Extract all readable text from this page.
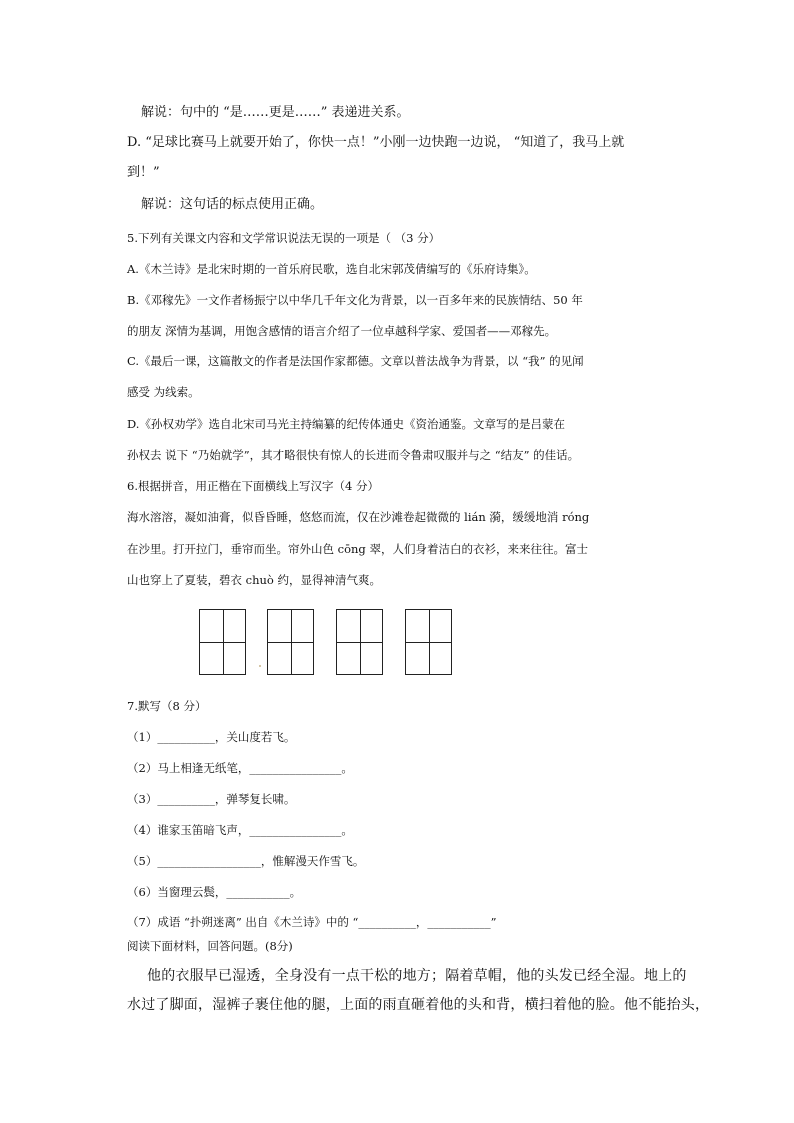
解说：句中的 “是……更是……” 表递进关系。
D. “足球比赛马上就要开始了，你快一点！”小刚一边快跑一边说， “知道了，我马上就
到！”
解说：这句话的标点使用正确。
5.下列有关课文内容和文学常识说法无误的一项是（ （3 分）
A.《木兰诗》是北宋时期的一首乐府民歌，选自北宋郭茂倩编写的《乐府诗集》。
B.《邓稼先》一文作者杨振宁以中华几千年文化为背景，以一百多年来的民族情结、50 年
的朋友 深情为基调，用饱含感情的语言介绍了一位卓越科学家、爱国者——邓稼先。
C.《最后一课，这篇散文的作者是法国作家都德。文章以普法战争为背景，以 “我” 的见闻
感受 为线索。
D.《孙权劝学》选自北宋司马光主持编纂的纪传体通史《资治通鉴。文章写的是吕蒙在
孙权去 说下 “乃始就学”，其才略很快有惊人的长进而令鲁肃叹服并与之 “结友” 的佳话。
6.根据拼音，用正楷在下面横线上写汉字（4 分）
海水溶溶，凝如油膏，似昏昏睡，悠悠而流，仅在沙滩卷起微微的 lián 漪，缓缓地消 róng
在沙里。打开拉门，垂帘而坐。帘外山色 cōng 翠，人们身着洁白的衣衫，来来往往。富士
山也穿上了夏装，碧衣 chuò 约，显得神清气爽。
7.默写（8 分）
（1）__________，关山度若飞。
（2）马上相逢无纸笔，________________。
（3）__________，弹琴复长啸。
（4）谁家玉笛暗飞声，________________。
（5）__________________，惟解漫天作雪飞。
（6）当窗理云鬓，___________。
（7）成语 “扑朔迷离” 出自《木兰诗》中的 “__________，___________”
阅读下面材料，回答问题。(8分)
他的衣服早已湿透，全身没有一点干松的地方；隔着草帽，他的头发已经全湿。地上的
水过了脚面，湿裤子裹住他的腿，上面的雨直砸着他的头和背，横扫着他的脸。他不能抬头，
